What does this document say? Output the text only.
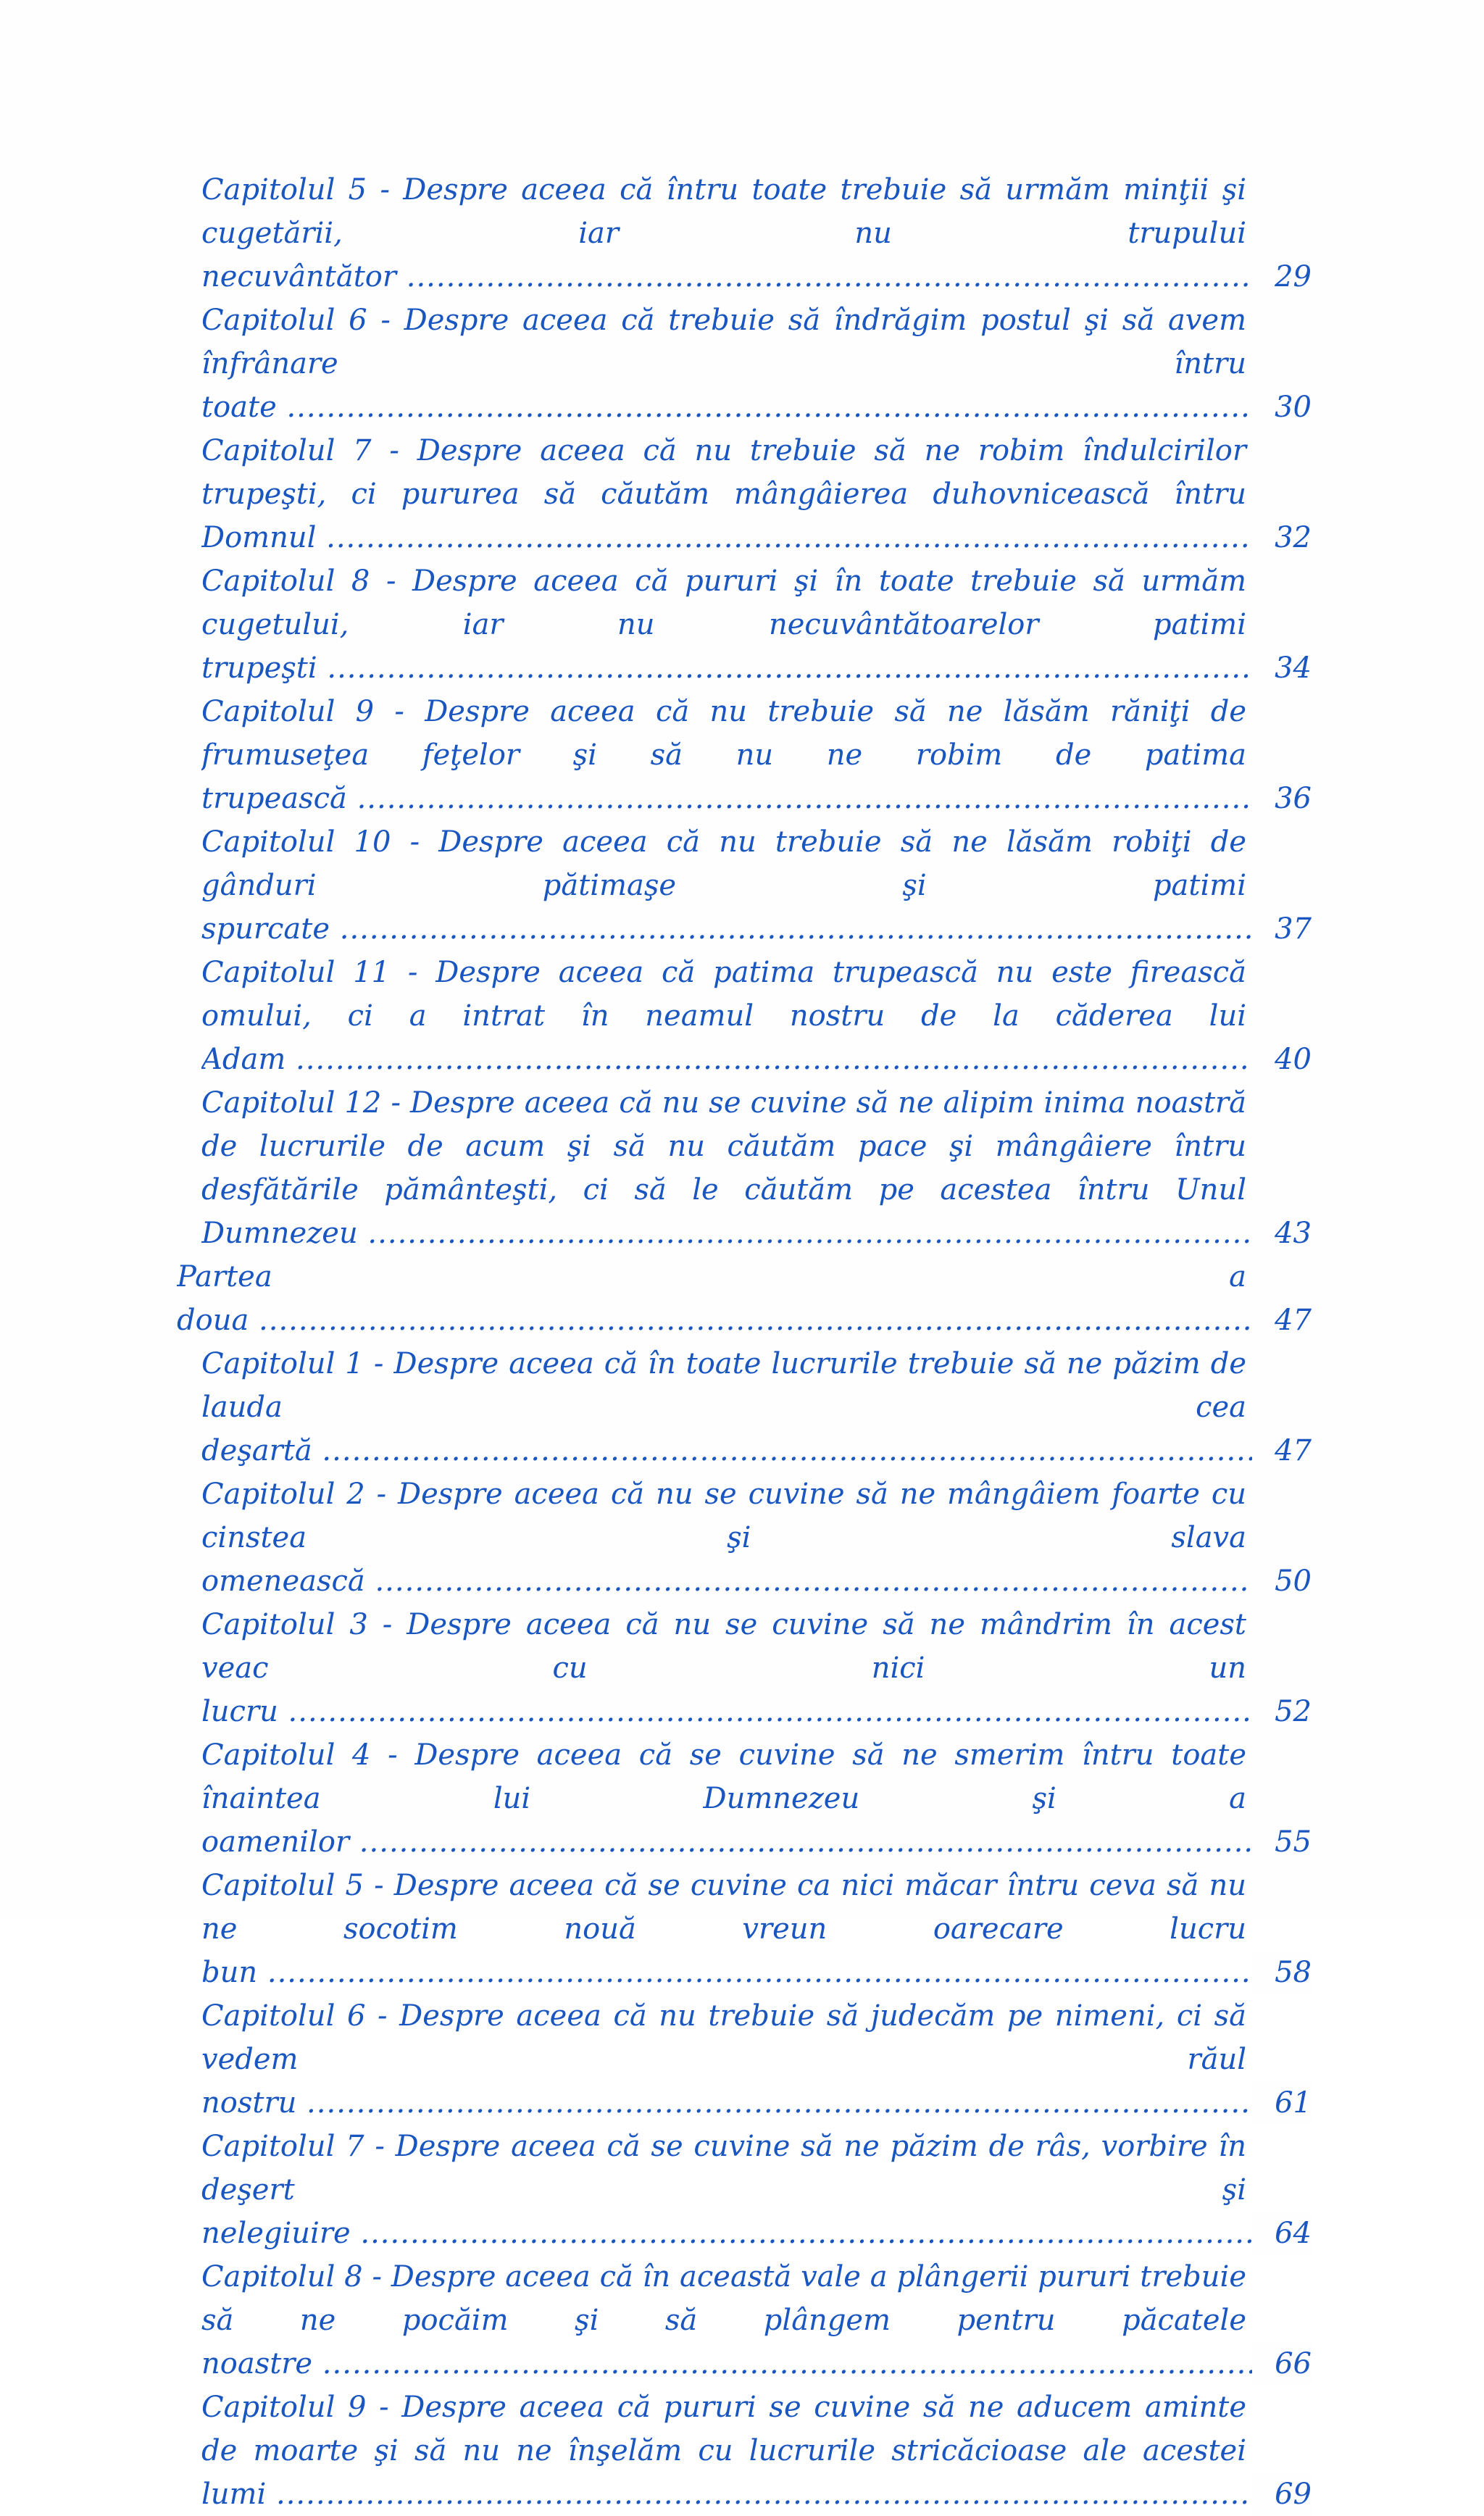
Capitolul 5 - Despre aceea că întru toate trebuie să urmăm minţii şi cugetării, iar nu trupului necuvântător .....	29
Capitolul 6 - Despre aceea că trebuie să îndrăgim postul şi să avem înfrânare întru toate .....	30
Capitolul 7 - Despre aceea că nu trebuie să ne robim îndulcirilor trupeşti, ci pururea să căutăm mângâierea duhovnicească întru Domnul .....	32
Capitolul 8 - Despre aceea că pururi şi în toate trebuie să urmăm cugetului, iar nu necuvântătoarelor patimi trupeşti .....	34
Capitolul 9 - Despre aceea că nu trebuie să ne lăsăm răniţi de frumuseţea feţelor şi să nu ne robim de patima trupească .....	36
Capitolul 10 - Despre aceea că nu trebuie să ne lăsăm robiţi de gânduri pătimaşe şi patimi spurcate .....	37
Capitolul 11 - Despre aceea că patima trupească nu este firească omului, ci a intrat în neamul nostru de la căderea lui Adam .....	40
Capitolul 12 - Despre aceea că nu se cuvine să ne alipim inima noastră de lucrurile de acum şi să nu căutăm pace şi mângâiere întru desfătările pământeşti, ci să le căutăm pe acestea întru Unul Dumnezeu .....	43
Partea a doua .....	47
Capitolul 1 - Despre aceea că în toate lucrurile trebuie să ne păzim de lauda cea deşartă .....	47
Capitolul 2 - Despre aceea că nu se cuvine să ne mângâiem foarte cu cinstea şi slava omenească .....	50
Capitolul 3 - Despre aceea că nu se cuvine să ne mândrim în acest veac cu nici un lucru .....	52
Capitolul 4 - Despre aceea că se cuvine să ne smerim întru toate înaintea lui Dumnezeu şi a oamenilor .....	55
Capitolul 5 - Despre aceea că se cuvine ca nici măcar întru ceva să nu ne socotim nouă vreun oarecare lucru bun .....	58
Capitolul 6 - Despre aceea că nu trebuie să judecăm pe nimeni, ci să vedem răul nostru .....	61
Capitolul 7 - Despre aceea că se cuvine să ne păzim de râs, vorbire în deşert şi nelegiuire .....	64
Capitolul 8 - Despre aceea că în această vale a plângerii pururi trebuie să ne pocăim şi să plângem pentru păcatele noastre .....	66
Capitolul 9 - Despre aceea că pururi se cuvine să ne aducem aminte de moarte şi să nu ne înşelăm cu lucrurile stricăcioase ale acestei lumi .....	69
